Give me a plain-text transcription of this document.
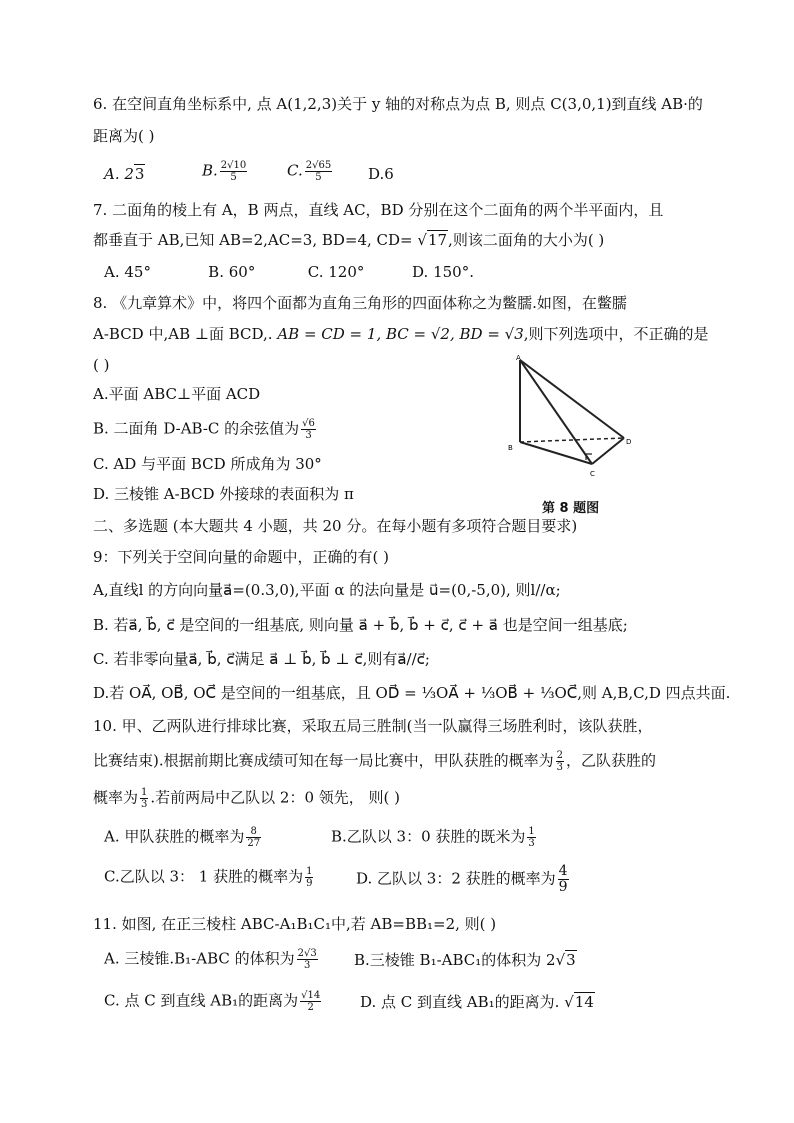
6. 在空间直角坐标系中, 点 A(1,2,3)关于 y 轴的对称点为点 B, 则点 C(3,0,1)到直线 AB·的
距离为( )
A. 23	B. $\frac{2√10}{5}$	C. $\frac{2√65}{5} D.6$
7. 二面角的棱上有 A，B 两点，直线 AC，BD 分别在这个二面角的两个半平面内，且
都垂直于 AB,已知 AB=2,AC=3, BD=4, CD= √17,则该二面角的大小为( )
A. 45°            B. 60°           C. 120°          D. 150°.
8. 《九章算术》中，将四个面都为直角三角形的四面体称之为鳖臑.如图，在鳖臑
A-BCD 中,AB ⊥面 BCD,. AB = CD = 1, BC = √2, BD = √3,则下列选项中，不正确的是
( )
A.平面 ABC⊥平面 ACD
B. 二面角 D-AB-C 的余弦值为 $\frac{√6}{3}$
C. AD 与平面 BCD 所成角为 30°
D. 三棱锥 A-BCD 外接球的表面积为 π
A
B
C
D
第 8 题图
二、多选题 (本大题共 4 小题，共 20 分。在每小题有多项符合题目要求)
9：下列关于空间向量的命题中，正确的有( )
A,直线l 的方向向量a⃗=(0.3,0),平面 α 的法向量是 u⃗=(0,-5,0), 则l//α;
B. 若a⃗, b⃗, c⃗ 是空间的一组基底, 则向量 a⃗ + b⃗, b⃗ + c⃗, c⃗ + a⃗ 也是空间一组基底;
C. 若非零向量a⃗, b⃗, c⃗满足 a⃗ ⊥ b⃗, b⃗ ⊥ c⃗,则有a⃗//c⃗;
D.若 OA⃗, OB⃗, OC⃗ 是空间的一组基底，且 OD⃗ = ⅓OA⃗ + ⅓OB⃗ + ⅓OC⃗,则 A,B,C,D 四点共面.
10. 甲、乙两队进行排球比赛，采取五局三胜制(当一队赢得三场胜利时，该队获胜，
比赛结束).根据前期比赛成绩可知在每一局比赛中，甲队获胜的概率为 $\frac{2}{3}$ ，乙队获胜的
概率为 $\frac{1}{3}$ .若前两局中乙队以 2：0 领先， 则( )
A. 甲队获胜的概率为 $\frac{8}{27}$	B.乙队以 3：0 获胜的既米为 $\frac{1}{3}$
C.乙队以 3： 1 获胜的概率为 $\frac{1}{9}$	D. 乙队以 3：2 获胜的概率为 $\frac{4}{9}$
11. 如图, 在正三棱柱 ABC-A₁B₁C₁中,若 AB=BB₁=2, 则( )
A. 三棱锥.B₁-ABC 的体积为 $\frac{2√3}{3} B$.三棱锥 B₁-ABC₁的体积为 2√3
C. 点 C 到直线 AB₁的距离为 $\frac{√14}{2}$	D. 点 C 到直线 AB₁的距离为. √14
